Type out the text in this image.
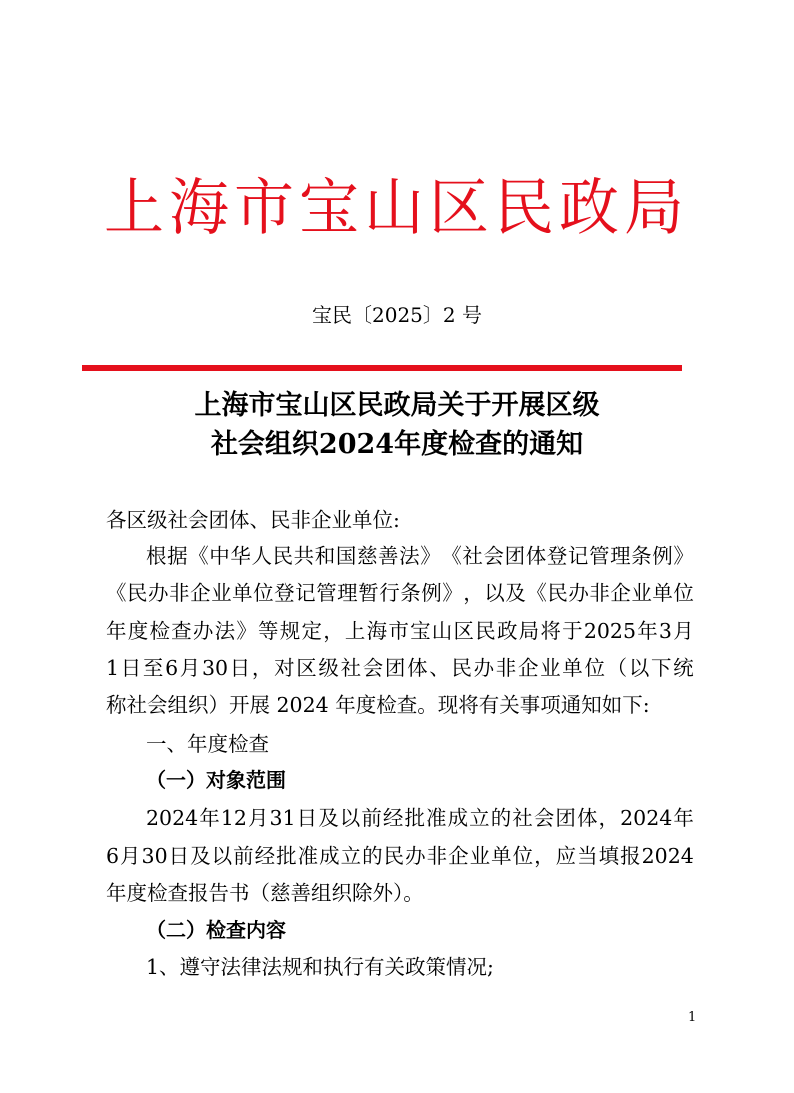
上 海 市 宝 山 区 民 政 局
宝民〔2025〕2 号
上海市宝山区民政局关于开展区级
社会组织2024年度检查的通知
各区级社会团体、民非企业单位:
根 据 《 中 华 人 民 共 和 国 慈 善 法 》 《 社 会 团 体 登 记 管 理 条 例 》
《 民 办 非 企 业 单 位 登 记 管 理 暂 行 条 例 》 ， 以 及 《 民 办 非 企 业 单 位
年 度 检 查 办 法 》 等 规 定 ， 上 海 市 宝 山 区 民 政 局 将 于 2025 年 3 月
1 日 至 6 月 30 日 ， 对 区 级 社 会 团 体 、 民 办 非 企 业 单 位 （ 以 下 统
称社会组织）开展 2024 年度检查。现将有关事项通知如下:
一、年度检查
（一）对象范围
2024 年 12 月 31 日 及 以 前 经 批 准 成 立 的 社 会 团 体 ， 2024 年
6 月 30 日 及 以 前 经 批 准 成 立 的 民 办 非 企 业 单 位 ， 应 当 填 报 2024
年度检查报告书（慈善组织除外）。
（二）检查内容
1、遵守法律法规和执行有关政策情况;
1
